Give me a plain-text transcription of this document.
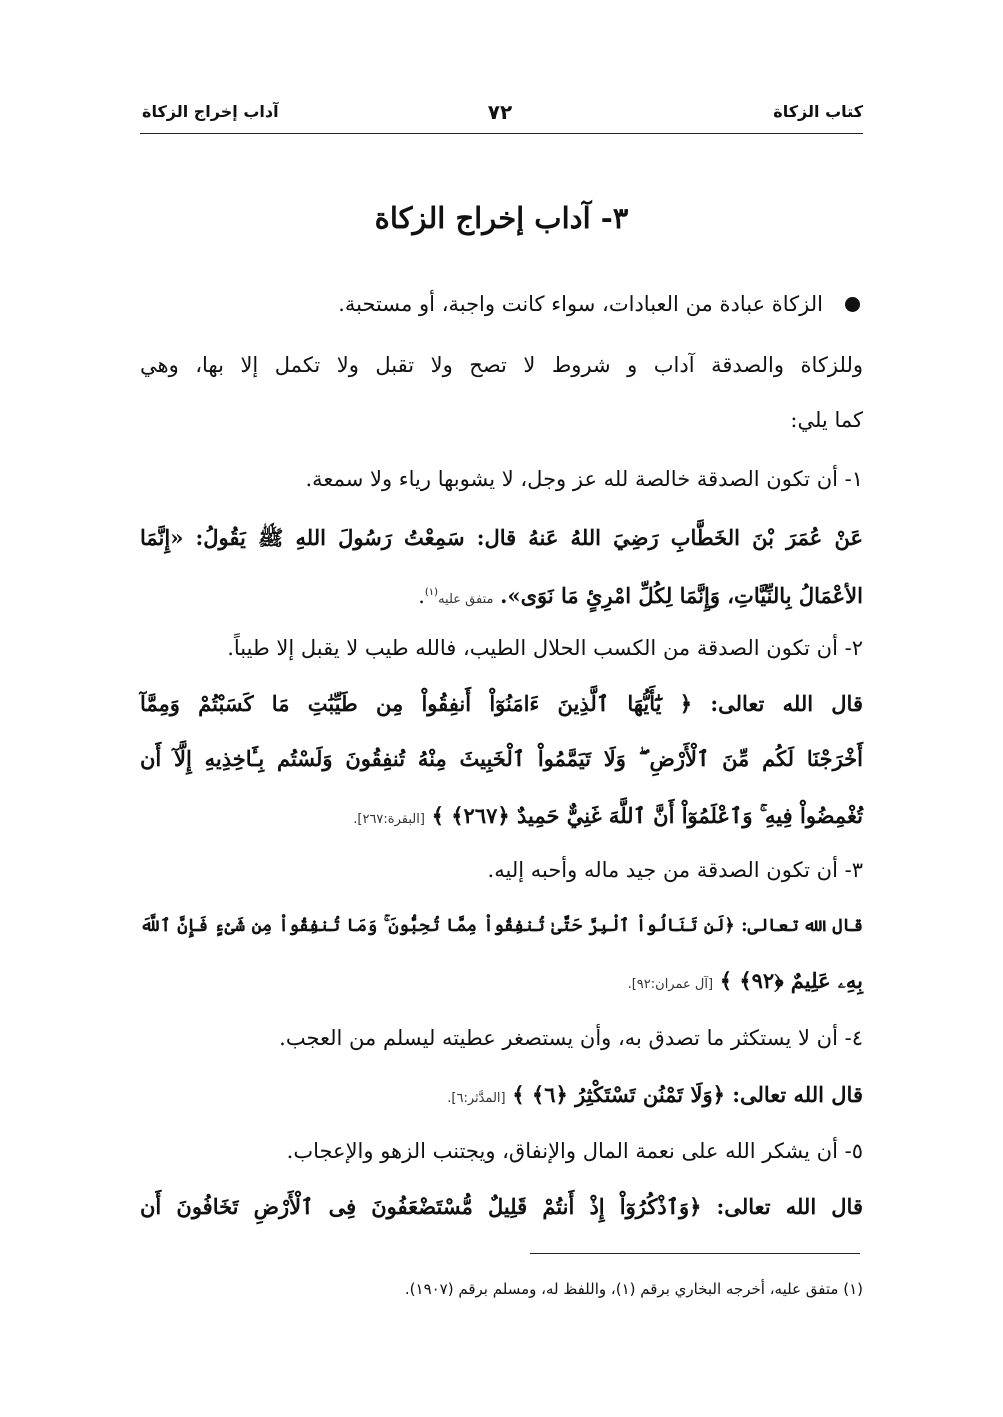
كتاب الزكاة
٧٢
آداب إخراج الزكاة
٣- آداب إخراج الزكاة
الزكاة عبادة من العبادات، سواء كانت واجبة، أو مستحبة.
وللزكاة والصدقة آداب و شروط لا تصح ولا تقبل ولا تكمل إلا بها، وهي
كما يلي:
١- أن تكون الصدقة خالصة لله عز وجل، لا يشوبها رياء ولا سمعة.
عَنْ عُمَرَ بْنَ الخَطَّابِ رَضِيَ اللهُ عَنهُ قال: سَمِعْتُ رَسُولَ اللهِ ﷺ يَقُولُ: «إِنَّمَا
الأعْمَالُ بِالنِّيَّاتِ، وَإِنَّمَا لِكُلِّ امْرِئٍ مَا نَوَى». متفق عليه$^{(١)}$.
٢- أن تكون الصدقة من الكسب الحلال الطيب، فالله طيب لا يقبل إلا طيباً.
قال الله تعالى: ﴿ يَٰٓأَيُّهَا ٱلَّذِينَ ءَامَنُوٓاْ أَنفِقُواْ مِن طَيِّبَٰتِ مَا كَسَبْتُمْ وَمِمَّآ
أَخْرَجْنَا لَكُم مِّنَ ٱلْأَرْضِ ۖ وَلَا تَيَمَّمُواْ ٱلْخَبِيثَ مِنْهُ تُنفِقُونَ وَلَسْتُم بِـَٔاخِذِيهِ إِلَّآ أَن
تُغْمِضُواْ فِيهِ ۚ وَٱعْلَمُوٓاْ أَنَّ ٱللَّهَ غَنِيٌّ حَمِيدٌ ﴿٢٦٧﴾ ﴾ [البقرة:٢٦٧].
٣- أن تكون الصدقة من جيد ماله وأحبه إليه.
قال الله تعالى: ﴿لَن تَنَالُواْ ٱلْبِرَّ حَتَّىٰ تُنفِقُواْ مِمَّا تُحِبُّونَ ۚ وَمَا تُنفِقُواْ مِن شَىْءٍ فَإِنَّ ٱللَّهَ
بِهِۦ عَلِيمٌ ﴿٩٢﴾ ﴾ [آل عمران:٩٢].
٤- أن لا يستكثر ما تصدق به، وأن يستصغر عطيته ليسلم من العجب.
قال الله تعالى: ﴿وَلَا تَمْنُن تَسْتَكْثِرُ ﴿٦﴾ ﴾ [المدَّثر:٦].
٥- أن يشكر الله على نعمة المال والإنفاق، ويجتنب الزهو والإعجاب.
قال الله تعالى: ﴿وَٱذْكُرُوٓاْ إِذْ أَنتُمْ قَلِيلٌ مُّسْتَضْعَفُونَ فِى ٱلْأَرْضِ تَخَافُونَ أَن
(١) متفق عليه، أخرجه البخاري برقم (١)، واللفظ له، ومسلم برقم (١٩٠٧).
